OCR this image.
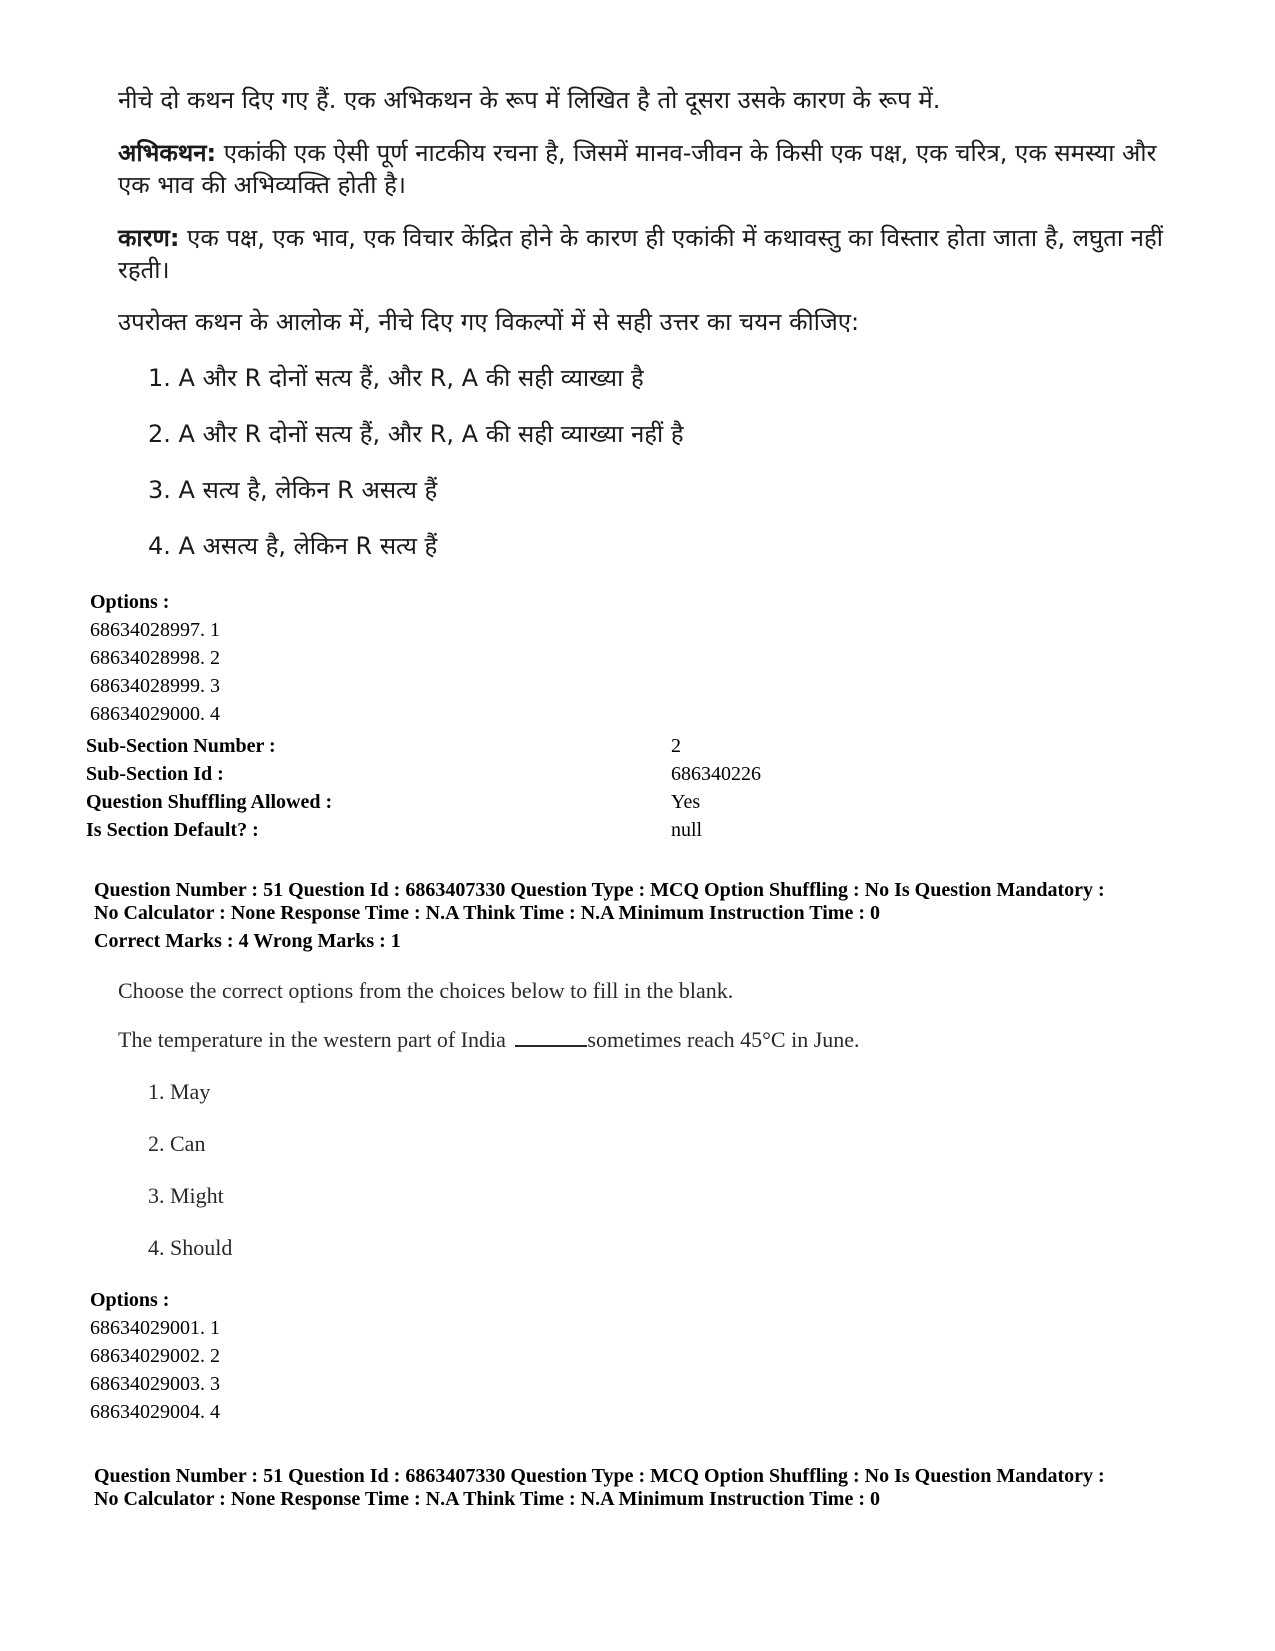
नीचे दो कथन दिए गए हैं. एक अभिकथन के रूप में लिखित है तो दूसरा उसके कारण के रूप में.
अभिकथन: एकांकी एक ऐसी पूर्ण नाटकीय रचना है, जिसमें मानव-जीवन के किसी एक पक्ष, एक चरित्र, एक समस्या और एक भाव की अभिव्यक्ति होती है।
कारण: एक पक्ष, एक भाव, एक विचार केंद्रित होने के कारण ही एकांकी में कथावस्तु का विस्तार होता जाता है, लघुता नहीं रहती।
उपरोक्त कथन के आलोक में, नीचे दिए गए विकल्पों में से सही उत्तर का चयन कीजिए:
1. A और R दोनों सत्य हैं, और R, A की सही व्याख्या है
2. A और R दोनों सत्य हैं, और R, A की सही व्याख्या नहीं है
3. A सत्य है, लेकिन R असत्य हैं
4. A असत्य है, लेकिन R सत्य हैं
Options :
68634028997. 1
68634028998. 2
68634028999. 3
68634029000. 4
Sub-Section Number :	2
Sub-Section Id :	686340226
Question Shuffling Allowed :	Yes
Is Section Default? :	null
Question Number : 51 Question Id : 6863407330 Question Type : MCQ Option Shuffling : No Is Question Mandatory :
No Calculator : None Response Time : N.A Think Time : N.A Minimum Instruction Time : 0
Correct Marks : 4 Wrong Marks : 1
Choose the correct options from the choices below to fill in the blank.
The temperature in the western part of India	sometimes reach 45°C in June.
1. May
2. Can
3. Might
4. Should
Options :
68634029001. 1
68634029002. 2
68634029003. 3
68634029004. 4
Question Number : 51 Question Id : 6863407330 Question Type : MCQ Option Shuffling : No Is Question Mandatory :
No Calculator : None Response Time : N.A Think Time : N.A Minimum Instruction Time : 0
